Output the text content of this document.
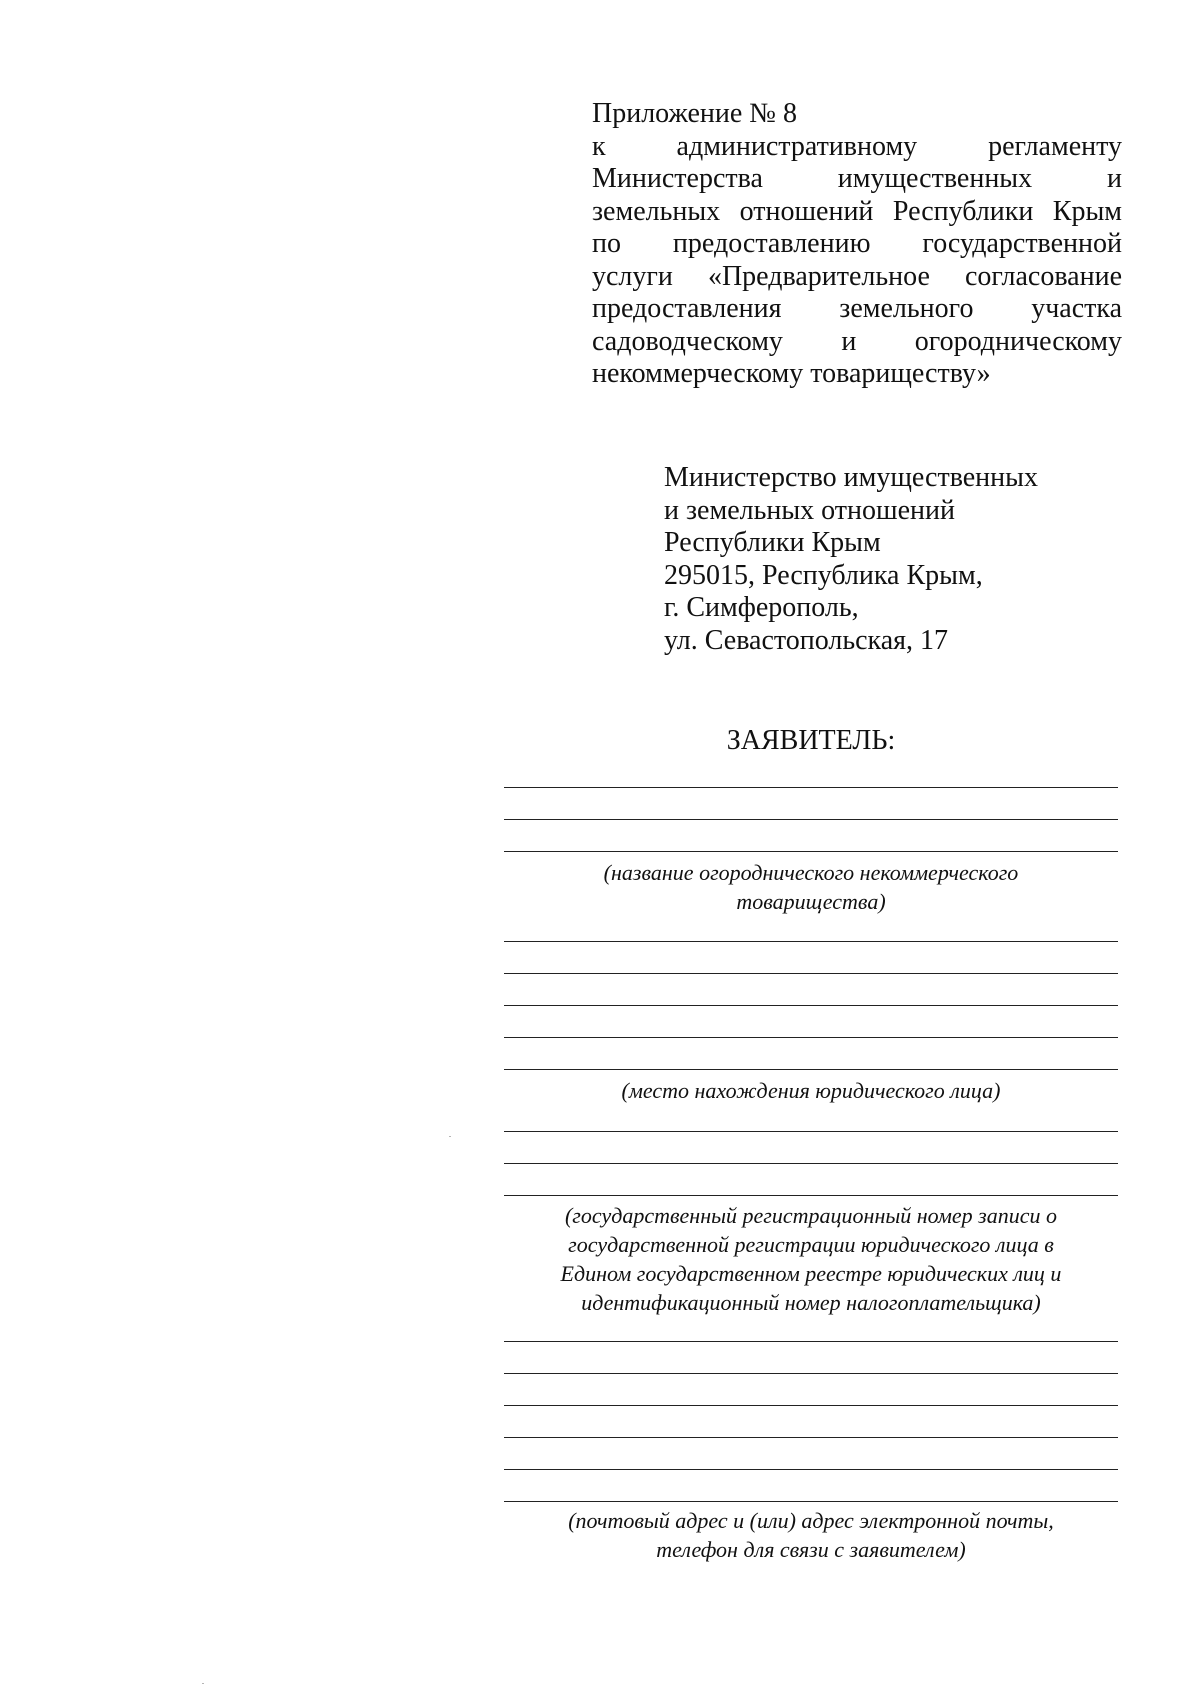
Приложение № 8
к административному регламенту
Министерства имущественных и
земельных отношений Республики Крым
по предоставлению государственной
услуги «Предварительное согласование
предоставления земельного участка
садоводческому и огородническому
некоммерческому товариществу»
Министерство имущественных
и земельных отношений
Республики Крым
295015, Республика Крым,
г. Симферополь,
ул. Севастопольская, 17
ЗАЯВИТЕЛЬ:
(название огороднического некоммерческого
товарищества)
(место нахождения юридического лица)
(государственный регистрационный номер записи о
государственной регистрации юридического лица в
Едином государственном реестре юридических лиц и
идентификационный номер налогоплательщика)
(почтовый адрес и (или) адрес электронной почты,
телефон для связи с заявителем)
